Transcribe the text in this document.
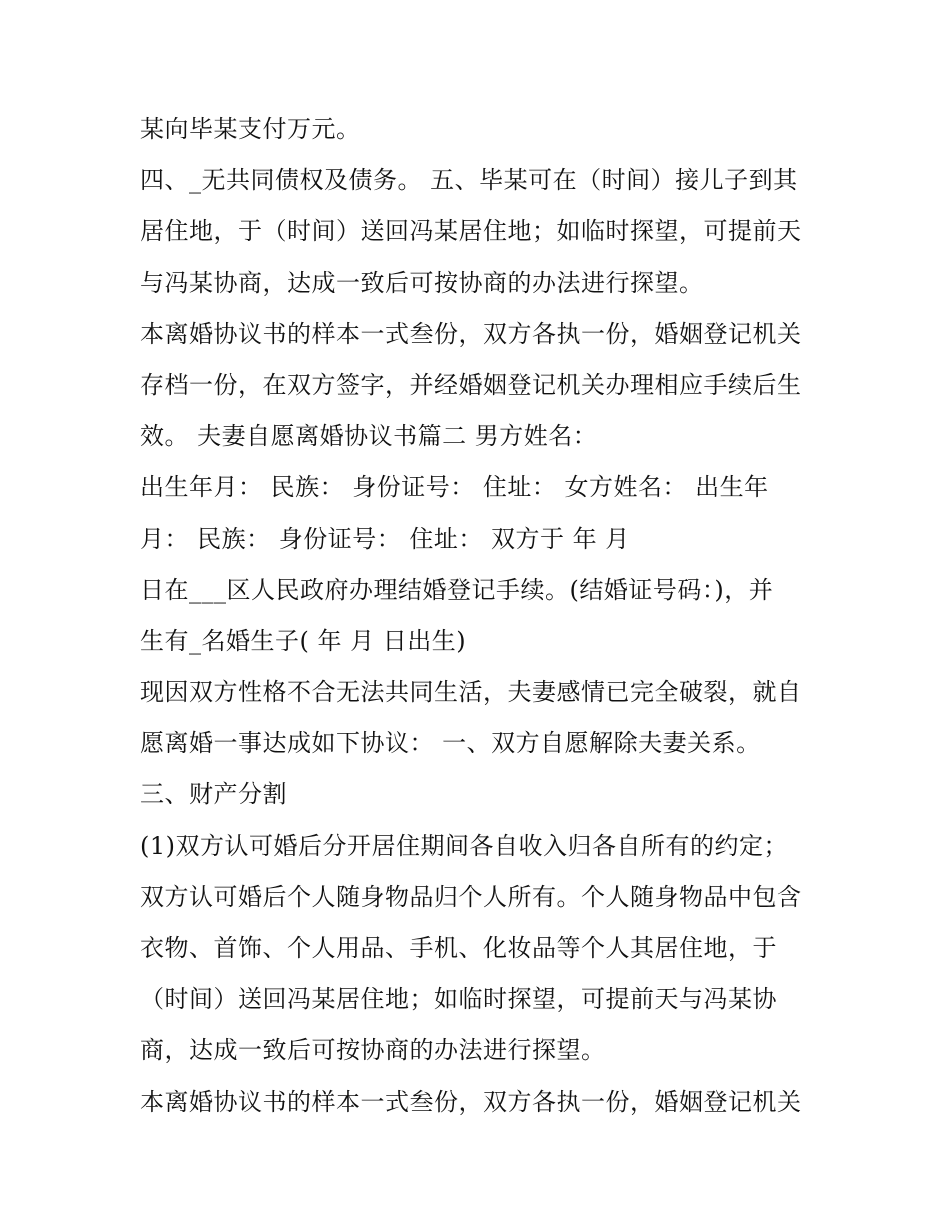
某向毕某支付万元。
四、_无共同债权及债务。 五、毕某可在（时间）接儿子到其
居住地，于（时间）送回冯某居住地；如临时探望，可提前天
与冯某协商，达成一致后可按协商的办法进行探望。
本离婚协议书的样本一式叁份，双方各执一份，婚姻登记机关
存档一份，在双方签字，并经婚姻登记机关办理相应手续后生
效。 夫妻自愿离婚协议书篇二 男方姓名：
出生年月： 民族： 身份证号： 住址： 女方姓名： 出生年
月： 民族： 身份证号： 住址： 双方于 年 月
日在___区人民政府办理结婚登记手续。(结婚证号码：)，并
生有_名婚生子( 年 月 日出生)
现因双方性格不合无法共同生活，夫妻感情已完全破裂，就自
愿离婚一事达成如下协议： 一、双方自愿解除夫妻关系。
三、财产分割
(1)双方认可婚后分开居住期间各自收入归各自所有的约定；
双方认可婚后个人随身物品归个人所有。个人随身物品中包含
衣物、首饰、个人用品、手机、化妆品等个人其居住地，于
（时间）送回冯某居住地；如临时探望，可提前天与冯某协
商，达成一致后可按协商的办法进行探望。
本离婚协议书的样本一式叁份，双方各执一份，婚姻登记机关
